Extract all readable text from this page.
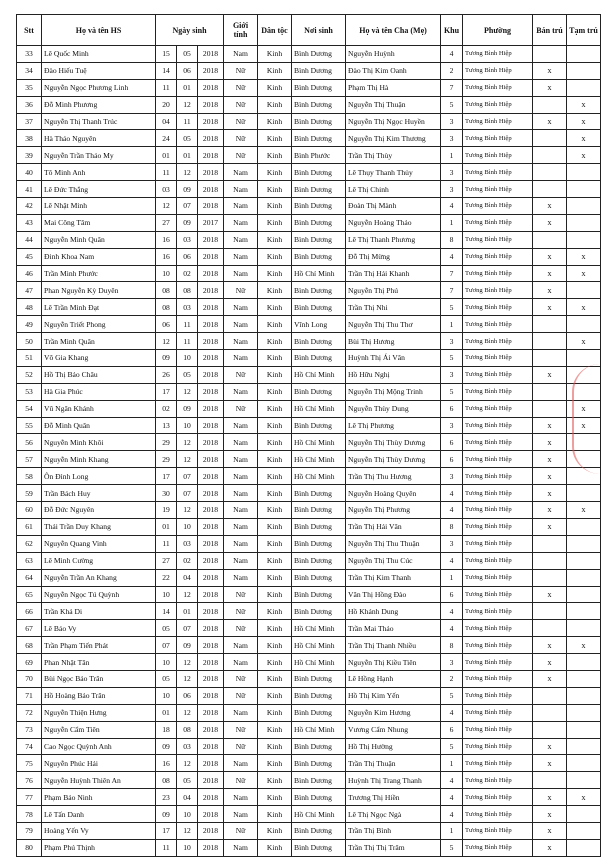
Stt	Họ và tên HS	Ngày sinh			Giới tính	Dân tộc	Nơi sinh	Họ và tên Cha (Mẹ)	Khu	Phường	Bán trú	Tạm trú
33	Lê Quốc Minh	15	05	2018	Nam	Kinh	Bình Dương	Nguyễn Huỳnh	4	Tương Bình Hiệp		
34	Đào Hiếu Tuệ	14	06	2018	Nữ	Kinh	Bình Dương	Đào Thị Kim Oanh	2	Tương Bình Hiệp	x	
35	Nguyễn Ngọc Phương Linh	11	01	2018	Nữ	Kinh	Bình Dương	Phạm Thị Hà	7	Tương Bình Hiệp	x	
36	Đỗ Minh Phương	20	12	2018	Nữ	Kinh	Bình Dương	Nguyễn Thị Thuận	5	Tương Bình Hiệp		x
37	Nguyễn Thị Thanh Trúc	04	11	2018	Nữ	Kinh	Bình Dương	Nguyễn Thị Ngọc Huyền	3	Tương Bình Hiệp	x	x
38	Hà Thảo Nguyên	24	05	2018	Nữ	Kinh	Bình Dương	Nguyễn Thị Kim Thương	3	Tương Bình Hiệp		x
39	Nguyễn Trần Thảo My	01	01	2018	Nữ	Kinh	Bình Phước	Trần Thị Thùy	1	Tương Bình Hiệp		x
40	Tô Minh Anh	11	12	2018	Nam	Kinh	Bình Dương	Lê Thụy Thanh Thủy	3	Tương Bình Hiệp		
41	Lê Đức Thắng	03	09	2018	Nam	Kinh	Bình Dương	Lê Thị Chinh	3	Tương Bình Hiệp		
42	Lê Nhật Minh	12	07	2018	Nam	Kinh	Bình Dương	Đoàn Thị Mành	4	Tương Bình Hiệp	x	
43	Mai Công Tâm	27	09	2017	Nam	Kinh	Bình Dương	Nguyễn Hoàng Thảo	1	Tương Bình Hiệp	x	
44	Nguyễn Minh Quân	16	03	2018	Nam	Kinh	Bình Dương	Lê Thị Thanh Phương	8	Tương Bình Hiệp		
45	Đinh Khoa Nam	16	06	2018	Nam	Kinh	Bình Dương	Đỗ Thị Mừng	4	Tương Bình Hiệp	x	x
46	Trần Minh Phước	10	02	2018	Nam	Kinh	Hồ Chí Minh	Trần Thị Hải Khanh	7	Tương Bình Hiệp	x	x
47	Phan Nguyễn Kỳ Duyên	08	08	2018	Nữ	Kinh	Bình Dương	Nguyễn Thị Phú	7	Tương Bình Hiệp	x	
48	Lê Trần Minh Đạt	08	03	2018	Nam	Kinh	Bình Dương	Trần Thị Nhi	5	Tương Bình Hiệp	x	x
49	Nguyễn Triết Phong	06	11	2018	Nam	Kinh	Vĩnh Long	Nguyễn Thị Thu Thơ	1	Tương Bình Hiệp		
50	Trần Minh Quân	12	11	2018	Nam	Kinh	Bình Dương	Bùi Thị Hương	3	Tương Bình Hiệp		x
51	Võ Gia Khang	09	10	2018	Nam	Kinh	Bình Dương	Huỳnh Thị Ái Vân	5	Tương Bình Hiệp		
52	Hồ Thị Bảo Châu	26	05	2018	Nữ	Kinh	Hồ Chí Minh	Hồ Hữu Nghị	3	Tương Bình Hiệp	x	
53	Hà Gia Phúc	17	12	2018	Nam	Kinh	Bình Dương	Nguyễn Thị Mộng Trinh	5	Tương Bình Hiệp		
54	Vũ Ngân Khánh	02	09	2018	Nữ	Kinh	Hồ Chí Minh	Nguyễn Thùy Dung	6	Tương Bình Hiệp		x
55	Đỗ Minh Quân	13	10	2018	Nam	Kinh	Bình Dương	Lê Thị Phương	3	Tương Bình Hiệp	x	x
56	Nguyễn Minh Khôi	29	12	2018	Nam	Kinh	Hồ Chí Minh	Nguyễn Thị Thùy Dương	6	Tương Bình Hiệp	x	
57	Nguyễn Minh Khang	29	12	2018	Nam	Kinh	Hồ Chí Minh	Nguyễn Thị Thùy Dương	6	Tương Bình Hiệp	x	
58	Ôn Đình Long	17	07	2018	Nam	Kinh	Hồ Chí Minh	Trần Thị Thu Hương	3	Tương Bình Hiệp	x	
59	Trần Bách Huy	30	07	2018	Nam	Kinh	Bình Dương	Nguyễn Hoàng Quyên	4	Tương Bình Hiệp	x	
60	Đỗ Đức Nguyên	19	12	2018	Nam	Kinh	Bình Dương	Nguyễn Thị Phương	4	Tương Bình Hiệp	x	x
61	Thái Trần Duy Khang	01	10	2018	Nam	Kinh	Bình Dương	Trần Thị Hải Vân	8	Tương Bình Hiệp	x	
62	Nguyễn Quang Vinh	11	03	2018	Nam	Kinh	Bình Dương	Nguyễn Thị Thu Thuận	3	Tương Bình Hiệp		
63	Lê Minh Cường	27	02	2018	Nam	Kinh	Bình Dương	Nguyễn Thị Thu Cúc	4	Tương Bình Hiệp		
64	Nguyễn Trần An Khang	22	04	2018	Nam	Kinh	Bình Dương	Trần Thị Kim Thanh	1	Tương Bình Hiệp		
65	Nguyễn Ngọc Tú Quỳnh	10	12	2018	Nữ	Kinh	Bình Dương	Văn Thị Hồng Đào	6	Tương Bình Hiệp	x	
66	Trần Khả Di	14	01	2018	Nữ	Kinh	Bình Dương	Hồ Khánh Dung	4	Tương Bình Hiệp		
67	Lê Bảo Vy	05	07	2018	Nữ	Kinh	Hồ Chí Minh	Trần Mai Thảo	4	Tương Bình Hiệp		
68	Trần Phạm Tiến Phát	07	09	2018	Nam	Kinh	Hồ Chí Minh	Trần Thị Thanh Nhiều	8	Tương Bình Hiệp	x	x
69	Phan Nhật Tân	10	12	2018	Nam	Kinh	Hồ Chí Minh	Nguyễn Thị Kiều Tiên	3	Tương Bình Hiệp	x	
70	Bùi Ngọc Bảo Trân	05	12	2018	Nữ	Kinh	Bình Dương	Lê Hồng Hạnh	2	Tương Bình Hiệp	x	
71	Hồ Hoàng Bảo Trân	10	06	2018	Nữ	Kinh	Bình Dương	Hồ Thị Kim Yến	5	Tương Bình Hiệp		
72	Nguyễn Thiện Hưng	01	12	2018	Nam	Kinh	Bình Dương	Nguyễn Kim Hương	4	Tương Bình Hiệp		
73	Nguyễn Cẩm Tiên	18	08	2018	Nữ	Kinh	Hồ Chí Minh	Vương Cẩm Nhung	6	Tương Bình Hiệp		
74	Cao Ngọc Quỳnh Anh	09	03	2018	Nữ	Kinh	Bình Dương	Hồ Thị Hường	5	Tương Bình Hiệp	x	
75	Nguyễn Phúc Hải	16	12	2018	Nam	Kinh	Bình Dương	Trần Thị Thuận	1	Tương Bình Hiệp	x	
76	Nguyễn Huỳnh Thiên An	08	05	2018	Nữ	Kinh	Bình Dương	Huỳnh Thị Trang Thanh	4	Tương Bình Hiệp		
77	Phạm Bảo Ninh	23	04	2018	Nam	Kinh	Bình Dương	Trương Thị Hiền	4	Tương Bình Hiệp	x	x
78	Lê Tấn Danh	09	10	2018	Nam	Kinh	Hồ Chí Minh	Lê Thị Ngọc Ngà	4	Tương Bình Hiệp	x	
79	Hoàng Yến Vy	17	12	2018	Nữ	Kinh	Bình Dương	Trần Thị Bình	1	Tương Bình Hiệp	x	
80	Phạm Phú Thịnh	11	10	2018	Nam	Kinh	Bình Dương	Trần Thị Thị Trâm	5	Tương Bình Hiệp	x	
